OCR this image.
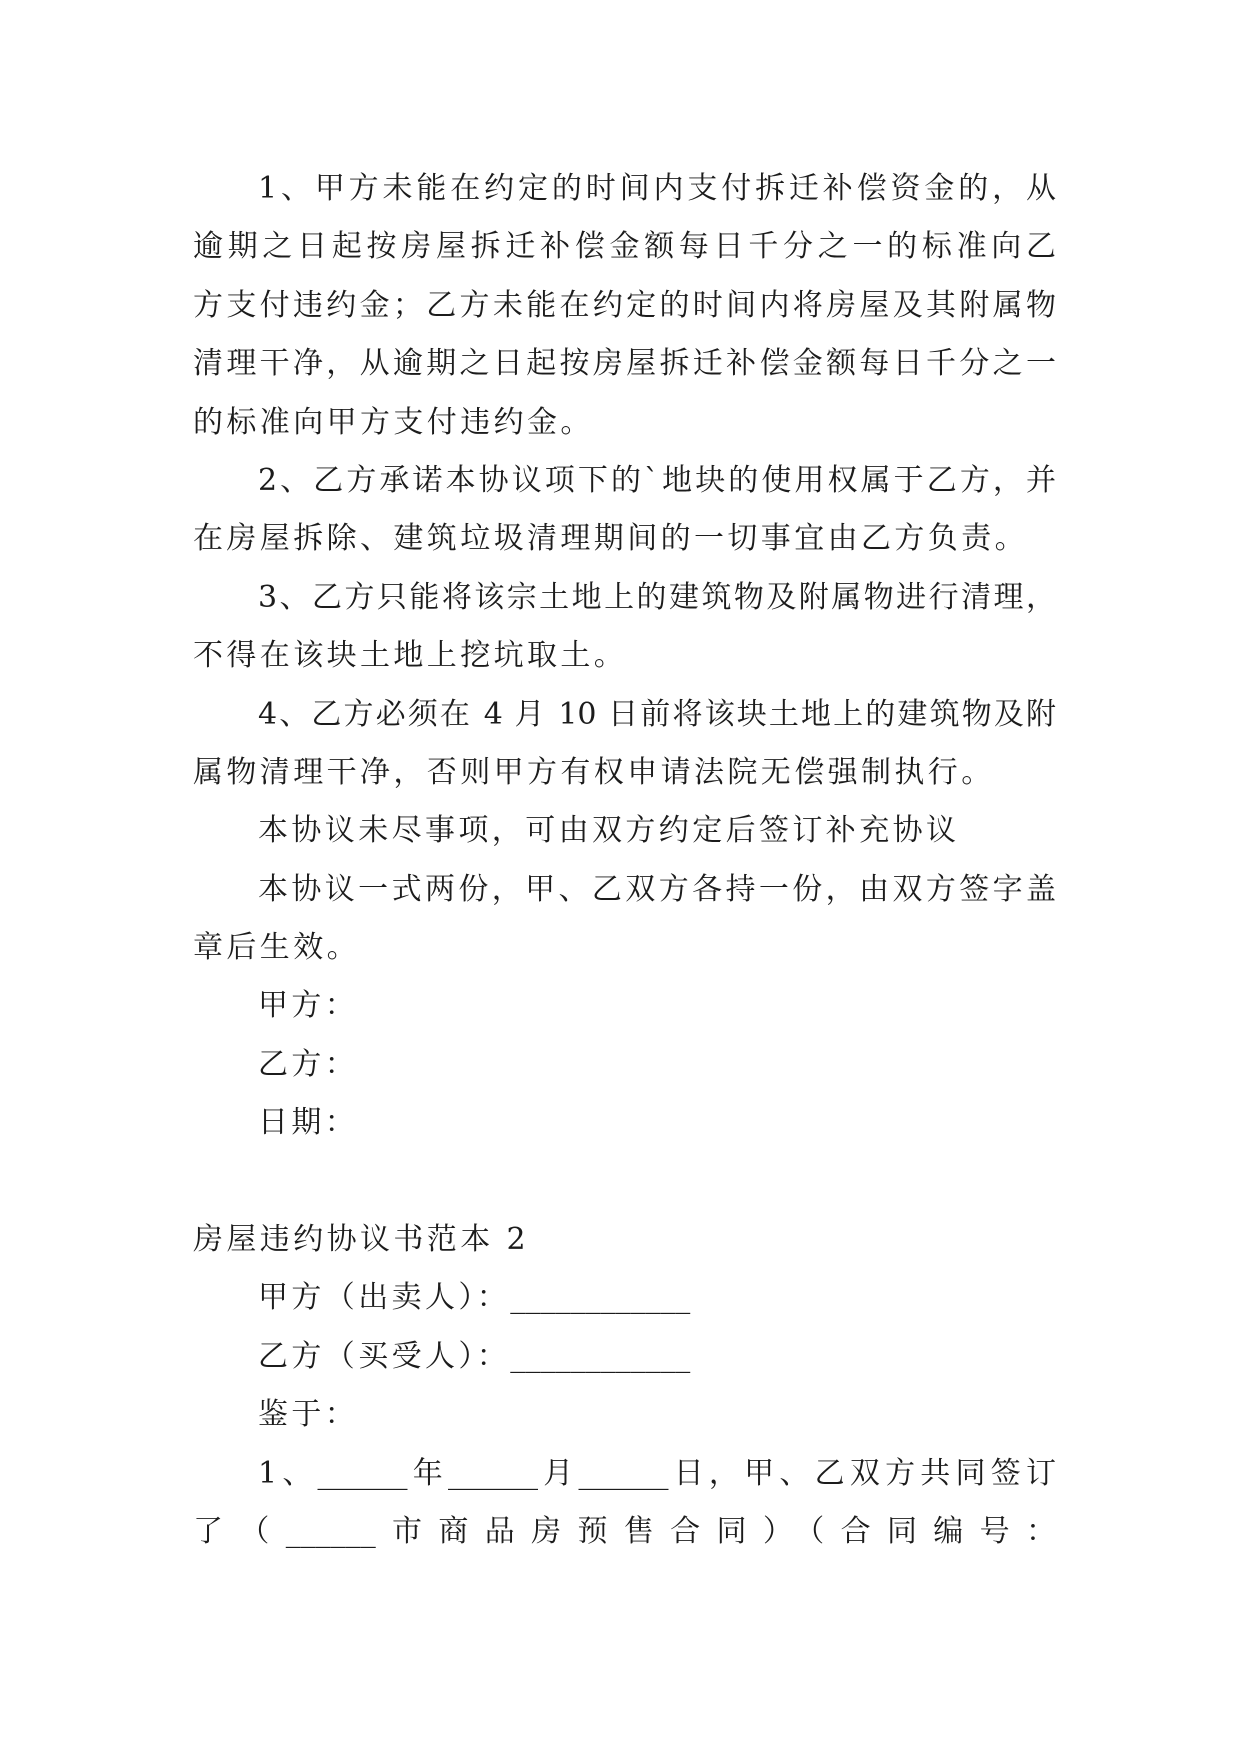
1、甲方未能在约定的时间内支付拆迁补偿资金的，从
逾期之日起按房屋拆迁补偿金额每日千分之一的标准向乙
方支付违约金；乙方未能在约定的时间内将房屋及其附属物
清理干净，从逾期之日起按房屋拆迁补偿金额每日千分之一
的标准向甲方支付违约金。
2、乙方承诺本协议项下的`地块的使用权属于乙方，并
在房屋拆除、建筑垃圾清理期间的一切事宜由乙方负责。
3、乙方只能将该宗土地上的建筑物及附属物进行清理，
不得在该块土地上挖坑取土。
4、乙方必须在 4 月 10 日前将该块土地上的建筑物及附
属物清理干净，否则甲方有权申请法院无偿强制执行。
本协议未尽事项，可由双方约定后签订补充协议
本协议一式两份，甲、乙双方各持一份，由双方签字盖
章后生效。
甲方：
乙方：
日期：
房屋违约协议书范本 2
甲方（出卖人）：____________
乙方（买受人）：____________
鉴于：
1、______年______月______日，甲、乙双方共同签订
了（______市商品房预售合同）（合同编号：
